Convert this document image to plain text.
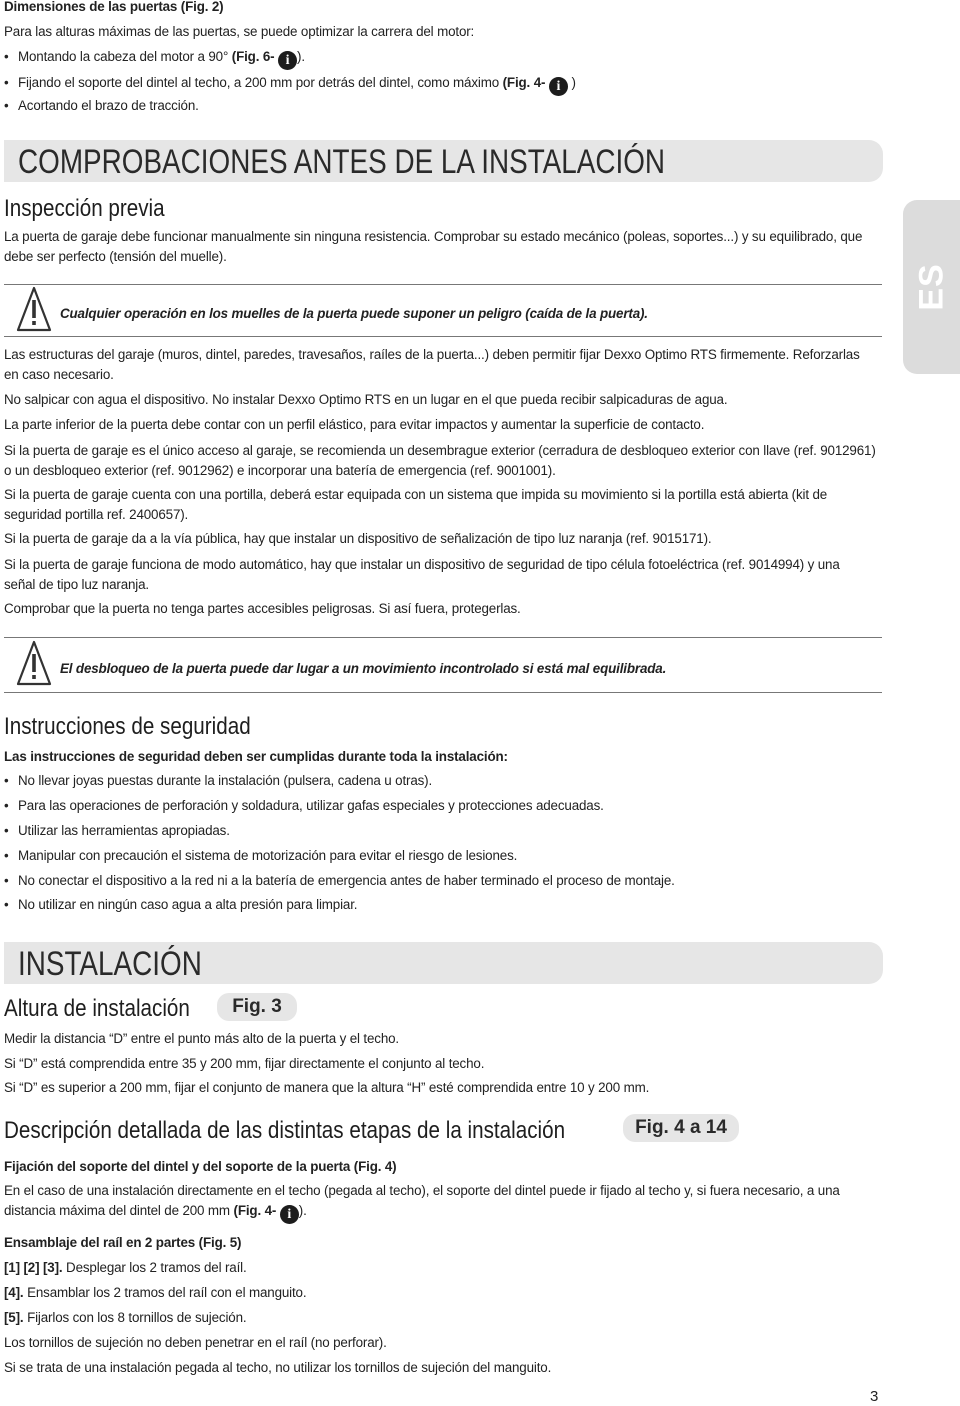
Dimensiones de las puertas (Fig. 2)
Para las alturas máximas de las puertas, se puede optimizar la carrera del motor:
• Montando la cabeza del motor a 90° (Fig. 6- i ).
• Fijando el soporte del dintel al techo, a 200 mm por detrás del dintel, como máximo (Fig. 4- i )
• Acortando el brazo de tracción.
COMPROBACIONES ANTES DE LA INSTALACIÓN
Inspección previa
La puerta de garaje debe funcionar manualmente sin ninguna resistencia. Comprobar su estado mecánico (poleas, soportes...) y su equilibrado, que
debe ser perfecto (tensión del muelle).
Cualquier operación en los muelles de la puerta puede suponer un peligro (caída de la puerta).
Las estructuras del garaje (muros, dintel, paredes, travesaños, raíles de la puerta...) deben permitir fijar Dexxo Optimo RTS firmemente. Reforzarlas
en caso necesario.
No salpicar con agua el dispositivo. No instalar Dexxo Optimo RTS en un lugar en el que pueda recibir salpicaduras de agua.
La parte inferior de la puerta debe contar con un perfil elástico, para evitar impactos y aumentar la superficie de contacto.
Si la puerta de garaje es el único acceso al garaje, se recomienda un desembrague exterior (cerradura de desbloqueo exterior con llave (ref. 9012961)
o un desbloqueo exterior (ref. 9012962) e incorporar una batería de emergencia (ref. 9001001).
Si la puerta de garaje cuenta con una portilla, deberá estar equipada con un sistema que impida su movimiento si la portilla está abierta (kit de
seguridad portilla ref. 2400657).
Si la puerta de garaje da a la vía pública, hay que instalar un dispositivo de señalización de tipo luz naranja (ref. 9015171).
Si la puerta de garaje funciona de modo automático, hay que instalar un dispositivo de seguridad de tipo célula fotoeléctrica (ref. 9014994) y una
señal de tipo luz naranja.
Comprobar que la puerta no tenga partes accesibles peligrosas. Si así fuera, protegerlas.
El desbloqueo de la puerta puede dar lugar a un movimiento incontrolado si está mal equilibrada.
Instrucciones de seguridad
Las instrucciones de seguridad deben ser cumplidas durante toda la instalación:
• No llevar joyas puestas durante la instalación (pulsera, cadena u otras).
• Para las operaciones de perforación y soldadura, utilizar gafas especiales y protecciones adecuadas.
• Utilizar las herramientas apropiadas.
• Manipular con precaución el sistema de motorización para evitar el riesgo de lesiones.
• No conectar el dispositivo a la red ni a la batería de emergencia antes de haber terminado el proceso de montaje.
• No utilizar en ningún caso agua a alta presión para limpiar.
INSTALACIÓN
Altura de instalación	Fig. 3
Medir la distancia “D” entre el punto más alto de la puerta y el techo.
Si “D” está comprendida entre 35 y 200 mm, fijar directamente el conjunto al techo.
Si “D” es superior a 200 mm, fijar el conjunto de manera que la altura “H” esté comprendida entre 10 y 200 mm.
Descripción detallada de las distintas etapas de la instalación	Fig. 4 a 14
Fijación del soporte del dintel y del soporte de la puerta (Fig. 4)
En el caso de una instalación directamente en el techo (pegada al techo), el soporte del dintel puede ir fijado al techo y, si fuera necesario, a una
distancia máxima del dintel de 200 mm (Fig. 4- i ).
Ensamblaje del raíl en 2 partes (Fig. 5)
[1] [2] [3]. Desplegar los 2 tramos del raíl.
[4]. Ensamblar los 2 tramos del raíl con el manguito.
[5]. Fijarlos con los 8 tornillos de sujeción.
Los tornillos de sujeción no deben penetrar en el raíl (no perforar).
Si se trata de una instalación pegada al techo, no utilizar los tornillos de sujeción del manguito.
ES
3
